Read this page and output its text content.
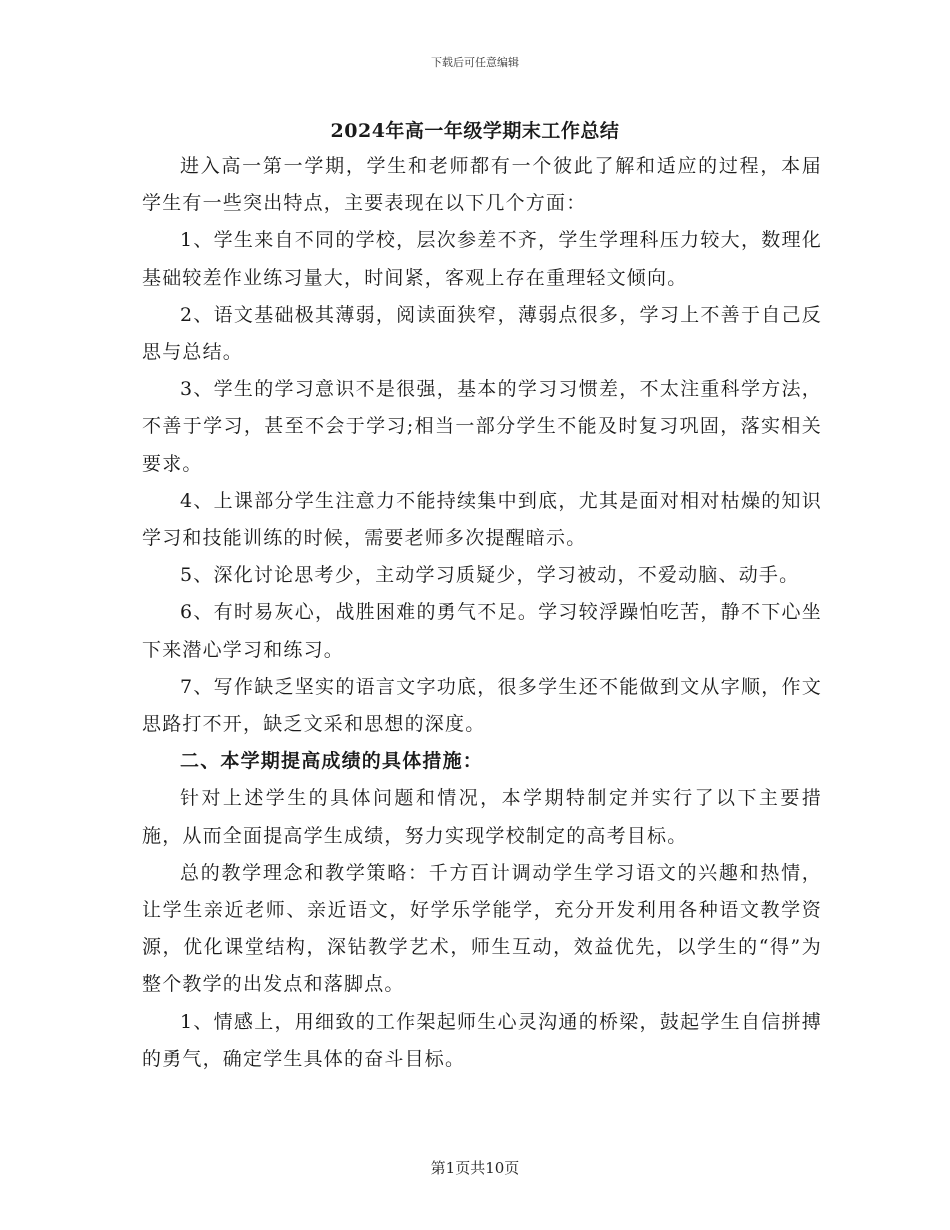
下载后可任意编辑
2024年高一年级学期末工作总结

进入高一第一学期，学生和老师都有一个彼此了解和适应的过程，本届学生有一些突出特点，主要表现在以下几个方面：

1、学生来自不同的学校，层次参差不齐，学生学理科压力较大，数理化基础较差作业练习量大，时间紧，客观上存在重理轻文倾向。

2、语文基础极其薄弱，阅读面狭窄，薄弱点很多，学习上不善于自己反思与总结。

3、学生的学习意识不是很强，基本的学习习惯差，不太注重科学方法，不善于学习，甚至不会于学习;相当一部分学生不能及时复习巩固，落实相关要求。

4、上课部分学生注意力不能持续集中到底，尤其是面对相对枯燥的知识学习和技能训练的时候，需要老师多次提醒暗示。

5、深化讨论思考少，主动学习质疑少，学习被动，不爱动脑、动手。

6、有时易灰心，战胜困难的勇气不足。学习较浮躁怕吃苦，静不下心坐下来潜心学习和练习。

7、写作缺乏坚实的语言文字功底，很多学生还不能做到文从字顺，作文思路打不开，缺乏文采和思想的深度。

二、本学期提高成绩的具体措施：

针对上述学生的具体问题和情况，本学期特制定并实行了以下主要措施，从而全面提高学生成绩，努力实现学校制定的高考目标。

总的教学理念和教学策略：千方百计调动学生学习语文的兴趣和热情，让学生亲近老师、亲近语文，好学乐学能学，充分开发利用各种语文教学资源，优化课堂结构，深钻教学艺术，师生互动，效益优先，以学生的“得”为整个教学的出发点和落脚点。

1、情感上，用细致的工作架起师生心灵沟通的桥梁，鼓起学生自信拼搏的勇气，确定学生具体的奋斗目标。

第1页共10页
